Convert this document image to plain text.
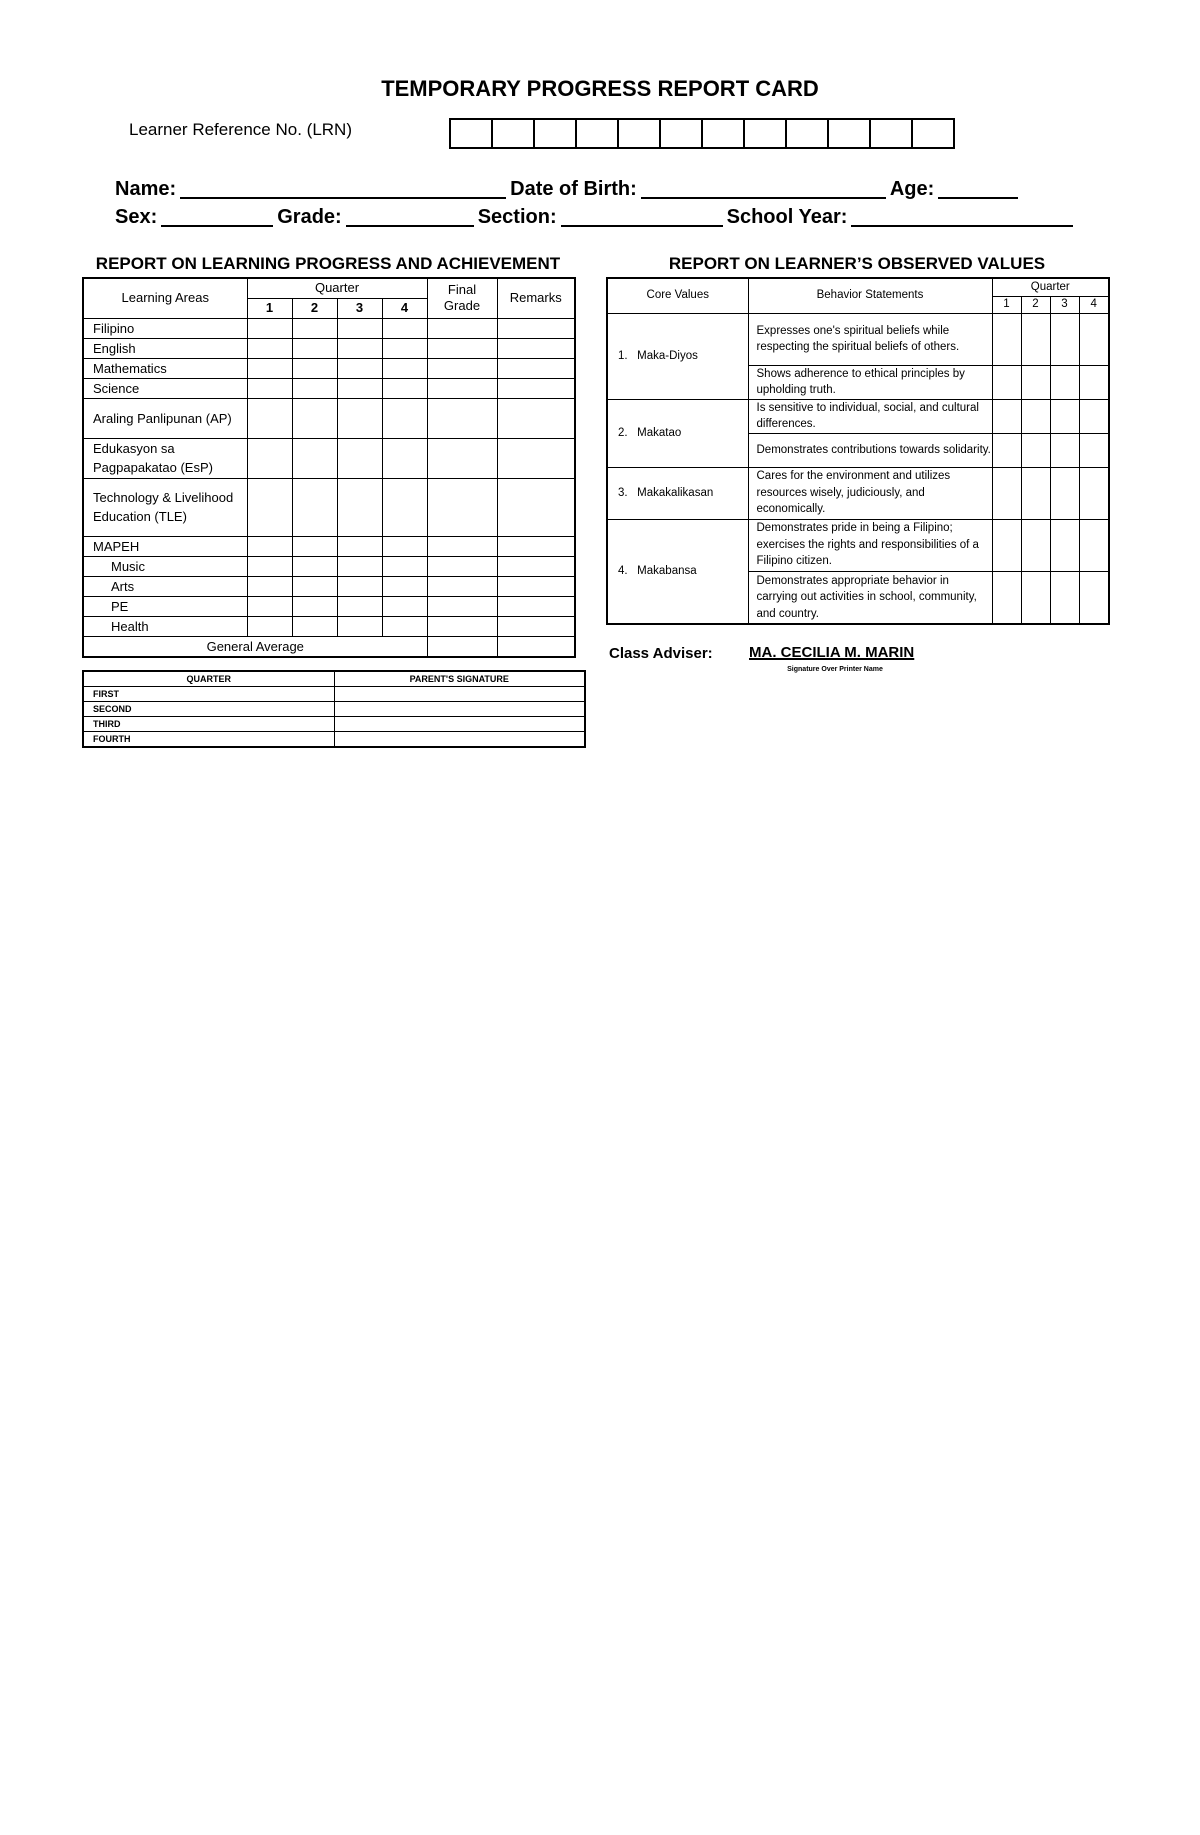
TEMPORARY PROGRESS REPORT CARD
Learner Reference No. (LRN)
Name:	Date of Birth:	Age:
Sex:	Grade:	Section:	School Year:
REPORT ON LEARNING PROGRESS AND ACHIEVEMENT	REPORT ON LEARNER’S OBSERVED VALUES
Learning Areas	Quarter				Final Grade	Remarks
	1	2	3	4		
Filipino						
English						
Mathematics						
Science						
Araling Panlipunan (AP)						
Edukasyon sa Pagpapakatao (EsP)						
Technology & Livelihood Education (TLE)						
MAPEH						
Music						
Arts						
PE						
Health						
General Average						
Core Values	Behavior Statements	Quarter			
		1	2	3	4
1.   Maka-Diyos	Expresses one's spiritual beliefs while respecting the spiritual beliefs of others.				
	Shows adherence to ethical principles by upholding truth.				
2.   Makatao	Is sensitive to individual, social, and cultural differences.				
	Demonstrates contributions towards solidarity.				
3.   Makakalikasan	Cares for the environment and utilizes resources wisely, judiciously, and economically.				
4.   Makabansa	Demonstrates pride in being a Filipino; exercises the rights and responsibilities of a Filipino citizen.				
	Demonstrates appropriate behavior in carrying out activities in school, community, and country.				
Class Adviser: MA. CECILIA M. MARIN
Signature Over Printer Name
QUARTER	PARENT'S SIGNATURE
FIRST	
SECOND	
THIRD	
FOURTH	
